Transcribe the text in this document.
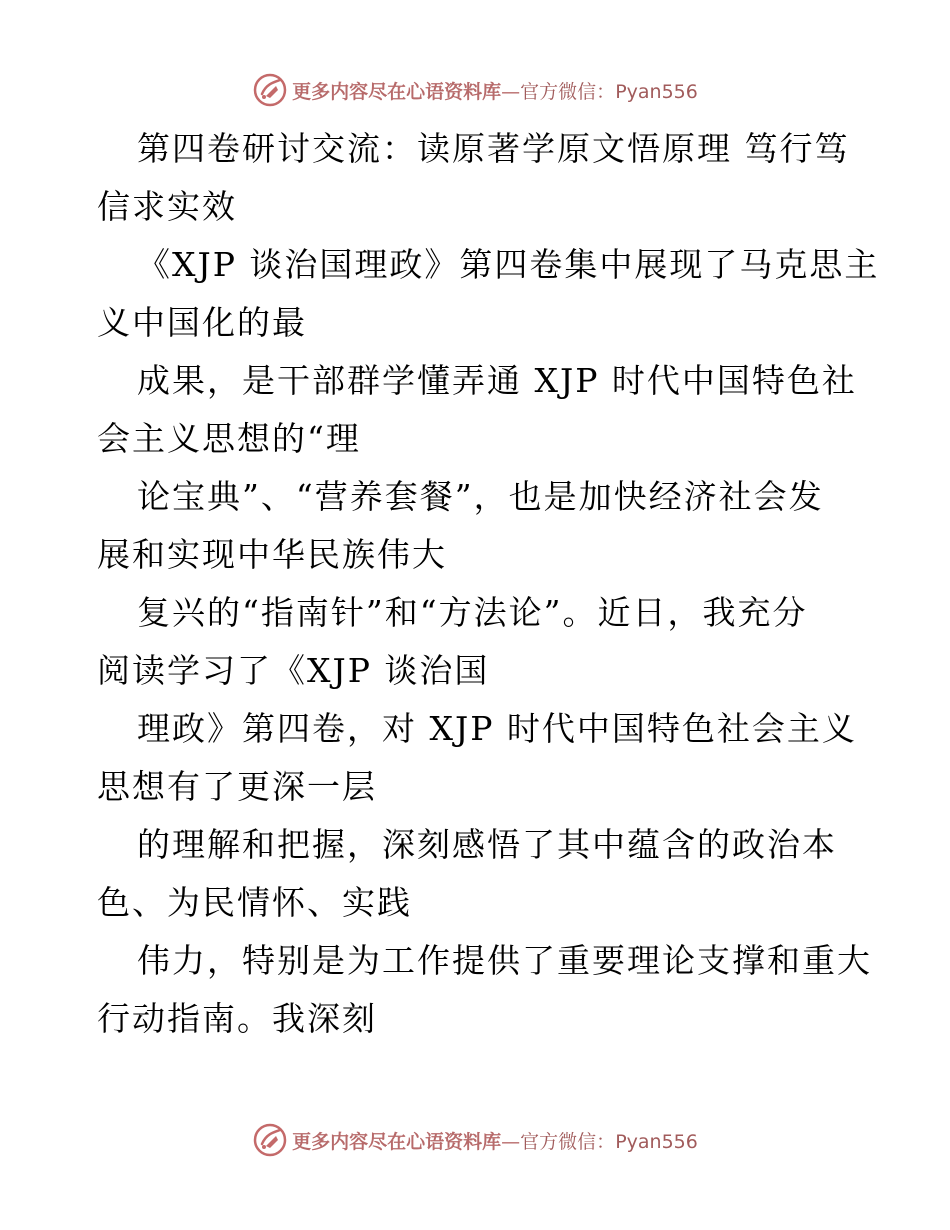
更多内容尽在心语资料库—官方微信：Pyan556
第四卷研讨交流：读原著学原文悟原理 笃行笃
信求实效
《XJP 谈治国理政》第四卷集中展现了马克思主
义中国化的最
成果，是干部群学懂弄通 XJP 时代中国特色社
会主义思想的“理
论宝典”、“营养套餐”，也是加快经济社会发
展和实现中华民族伟大
复兴的“指南针”和“方法论”。近日，我充分
阅读学习了《XJP 谈治国
理政》第四卷，对 XJP 时代中国特色社会主义
思想有了更深一层
的理解和把握，深刻感悟了其中蕴含的政治本
色、为民情怀、实践
伟力，特别是为工作提供了重要理论支撑和重大
行动指南。我深刻
更多内容尽在心语资料库—官方微信：Pyan556
